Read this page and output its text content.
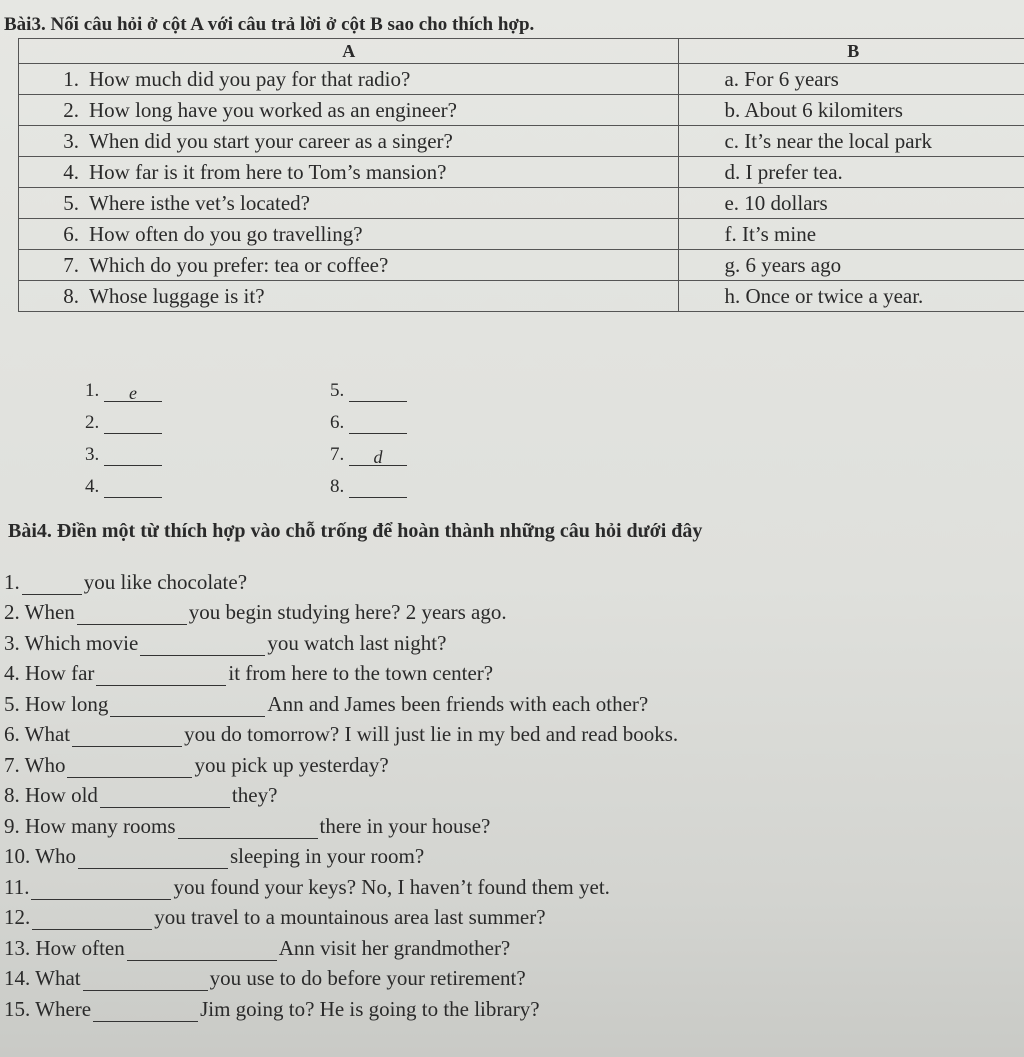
Bài3. Nối câu hỏi ở cột A với câu trả lời ở cột B sao cho thích hợp.
A	B

1. How much did you pay for that radio?	a. For 6 years

2. How long have you worked as an engineer?	b. About 6 kilomiters

3. When did you start your career as a singer?	c. It’s near the local park

4. How far is it from here to Tom’s mansion?	d. I prefer tea.

5. Where isthe vet’s located?	e. 10 dollars

6. How often do you go travelling?	f. It’s mine

7. Which do you prefer: tea or coffee?	g. 6 years ago

8. Whose luggage is it?	h. Once or twice a year.
1. e
2.
3.
4.
5.
6.
7. d
8.
Bài4. Điền một từ thích hợp vào chỗ trống để hoàn thành những câu hỏi dưới đây
1.	you like chocolate?
2. When	you begin studying here? 2 years ago.
3. Which movie	you watch last night?
4. How far	it from here to the town center?
5. How long	Ann and James been friends with each other?
6. What	you do tomorrow? I will just lie in my bed and read books.
7. Who	you pick up yesterday?
8. How old	they?
9. How many rooms	there in your house?
10. Who	sleeping in your room?
11.	you found your keys? No, I haven’t found them yet.
12.	you travel to a mountainous area last summer?
13. How often	Ann visit her grandmother?
14. What	you use to do before your retirement?
15. Where	Jim going to? He is going to the library?
